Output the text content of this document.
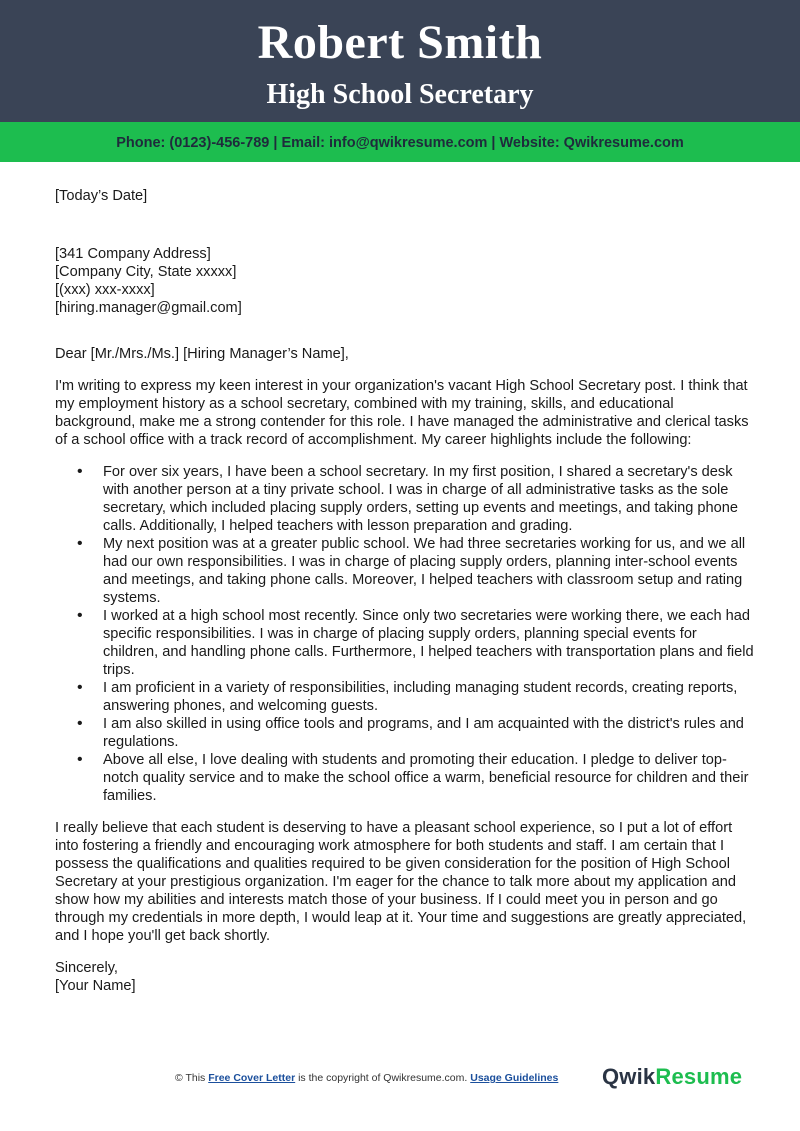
Robert Smith
High School Secretary
Phone: (0123)-456-789 | Email: info@qwikresume.com | Website: Qwikresume.com

[Today’s Date]

[341 Company Address]
[Company City, State xxxxx]
[(xxx) xxx-xxxx]
[hiring.manager@gmail.com]

Dear [Mr./Mrs./Ms.] [Hiring Manager’s Name],

I'm writing to express my keen interest in your organization's vacant High School Secretary post. I think that my employment history as a school secretary, combined with my training, skills, and educational background, make me a strong contender for this role. I have managed the administrative and clerical tasks of a school office with a track record of accomplishment. My career highlights include the following:

• For over six years, I have been a school secretary. In my first position, I shared a secretary's desk with another person at a tiny private school. I was in charge of all administrative tasks as the sole secretary, which included placing supply orders, setting up events and meetings, and taking phone calls. Additionally, I helped teachers with lesson preparation and grading.
• My next position was at a greater public school. We had three secretaries working for us, and we all had our own responsibilities. I was in charge of placing supply orders, planning inter-school events and meetings, and taking phone calls. Moreover, I helped teachers with classroom setup and rating systems.
• I worked at a high school most recently. Since only two secretaries were working there, we each had specific responsibilities. I was in charge of placing supply orders, planning special events for children, and handling phone calls. Furthermore, I helped teachers with transportation plans and field trips.
• I am proficient in a variety of responsibilities, including managing student records, creating reports, answering phones, and welcoming guests.
• I am also skilled in using office tools and programs, and I am acquainted with the district's rules and regulations.
• Above all else, I love dealing with students and promoting their education. I pledge to deliver top-notch quality service and to make the school office a warm, beneficial resource for children and their families.

I really believe that each student is deserving to have a pleasant school experience, so I put a lot of effort into fostering a friendly and encouraging work atmosphere for both students and staff. I am certain that I possess the qualifications and qualities required to be given consideration for the position of High School Secretary at your prestigious organization. I'm eager for the chance to talk more about my application and show how my abilities and interests match those of your business. If I could meet you in person and go through my credentials in more depth, I would leap at it. Your time and suggestions are greatly appreciated, and I hope you'll get back shortly.

Sincerely,

[Your Name]

© This Free Cover Letter is the copyright of Qwikresume.com. Usage Guidelines QwikResume
